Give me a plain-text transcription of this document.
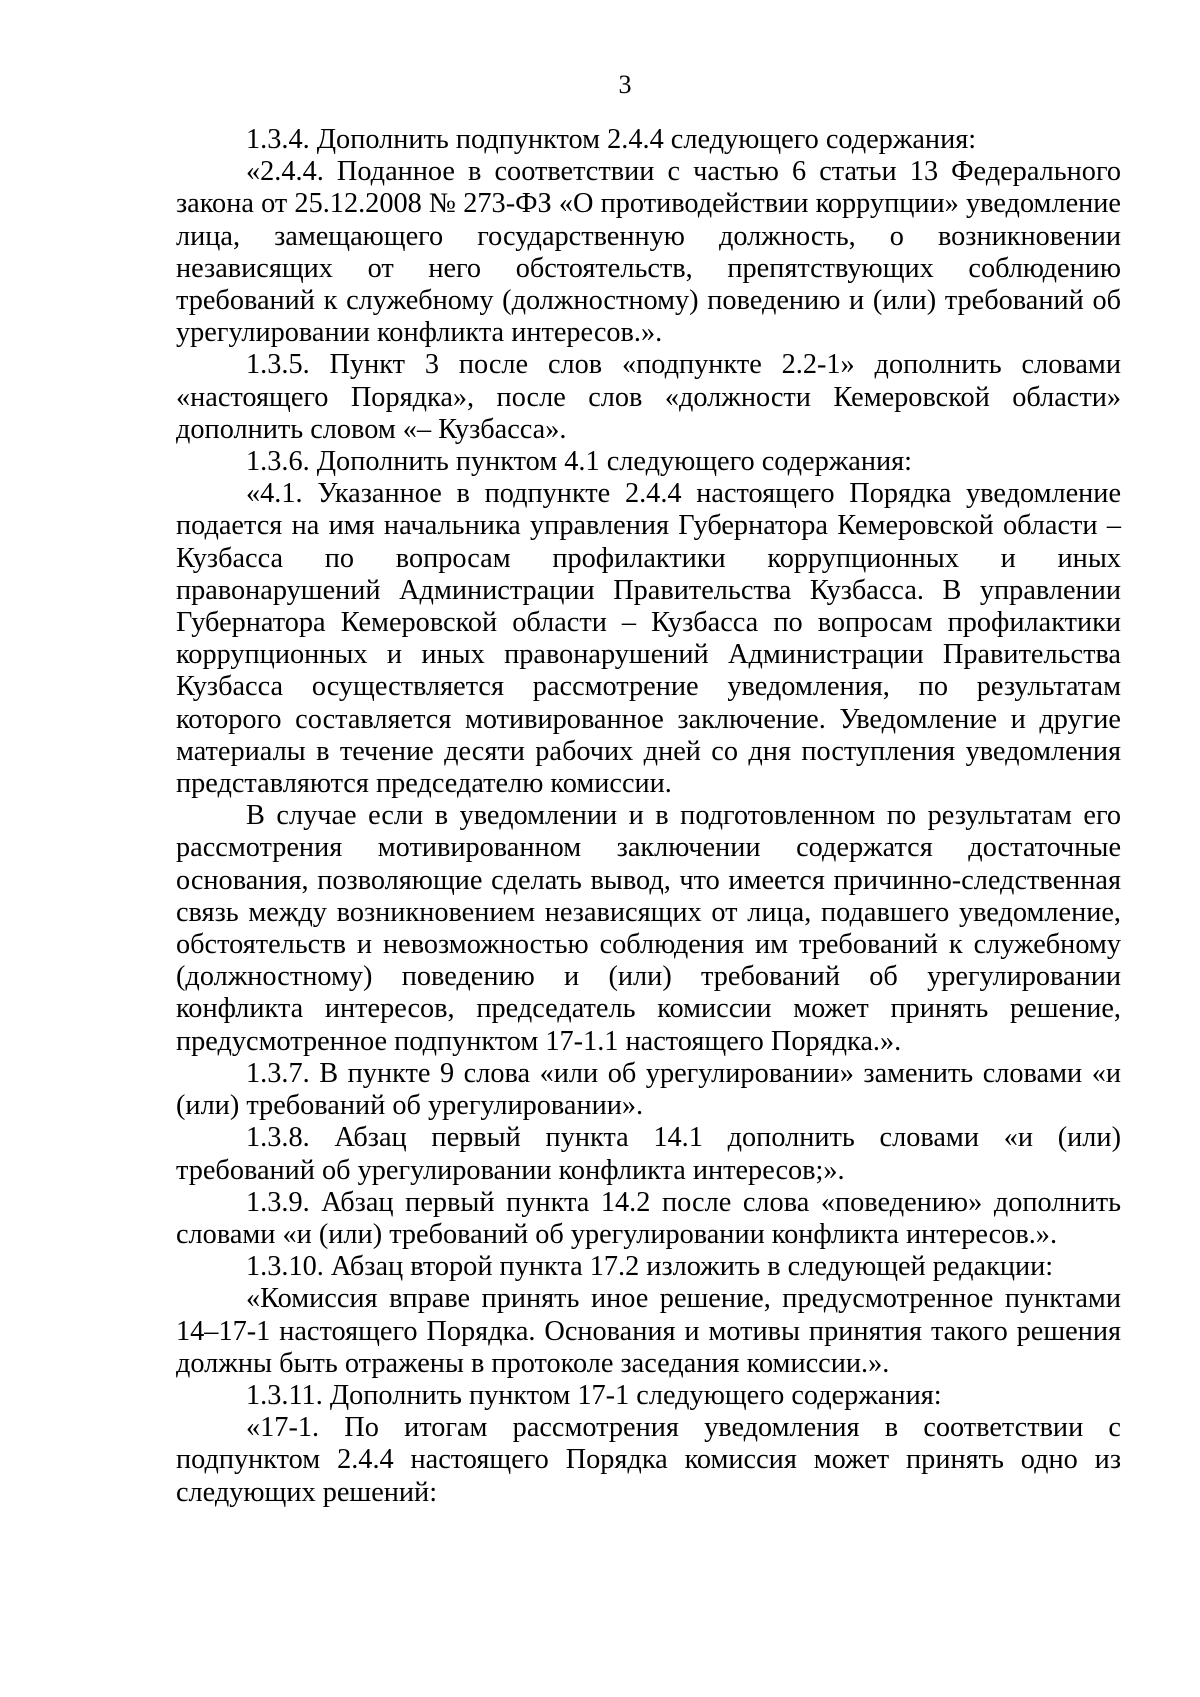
3

1.3.4. Дополнить подпунктом 2.4.4 следующего содержания:

«2.4.4. Поданное в соответствии с частью 6 статьи 13 Федерального закона от 25.12.2008 № 273-ФЗ «О противодействии коррупции» уведомление лица, замещающего государственную должность, о возникновении независящих от него обстоятельств, препятствующих соблюдению требований к служебному (должностному) поведению и (или) требований об урегулировании конфликта интересов.».

1.3.5. Пункт 3 после слов «подпункте 2.2-1» дополнить словами «настоящего Порядка», после слов «должности Кемеровской области» дополнить словом «– Кузбасса».

1.3.6. Дополнить пунктом 4.1 следующего содержания:

«4.1. Указанное в подпункте 2.4.4 настоящего Порядка уведомление подается на имя начальника управления Губернатора Кемеровской области – Кузбасса по вопросам профилактики коррупционных и иных правонарушений Администрации Правительства Кузбасса. В управлении Губернатора Кемеровской области – Кузбасса по вопросам профилактики коррупционных и иных правонарушений Администрации Правительства Кузбасса осуществляется рассмотрение уведомления, по результатам которого составляется мотивированное заключение. Уведомление и другие материалы в течение десяти рабочих дней со дня поступления уведомления представляются председателю комиссии.

В случае если в уведомлении и в подготовленном по результатам его рассмотрения мотивированном заключении содержатся достаточные основания, позволяющие сделать вывод, что имеется причинно-следственная связь между возникновением независящих от лица, подавшего уведомление, обстоятельств и невозможностью соблюдения им требований к служебному (должностному) поведению и (или) требований об урегулировании конфликта интересов, председатель комиссии может принять решение, предусмотренное подпунктом 17-1.1 настоящего Порядка.».

1.3.7. В пункте 9 слова «или об урегулировании» заменить словами «и (или) требований об урегулировании».

1.3.8. Абзац первый пункта 14.1 дополнить словами «и (или) требований об урегулировании конфликта интересов;».

1.3.9. Абзац первый пункта 14.2 после слова «поведению» дополнить словами «и (или) требований об урегулировании конфликта интересов.».

1.3.10. Абзац второй пункта 17.2 изложить в следующей редакции:

«Комиссия вправе принять иное решение, предусмотренное пунктами 14–17-1 настоящего Порядка. Основания и мотивы принятия такого решения должны быть отражены в протоколе заседания комиссии.».

1.3.11. Дополнить пунктом 17-1 следующего содержания:

«17-1. По итогам рассмотрения уведомления в соответствии с подпунктом 2.4.4 настоящего Порядка комиссия может принять одно из следующих решений:
